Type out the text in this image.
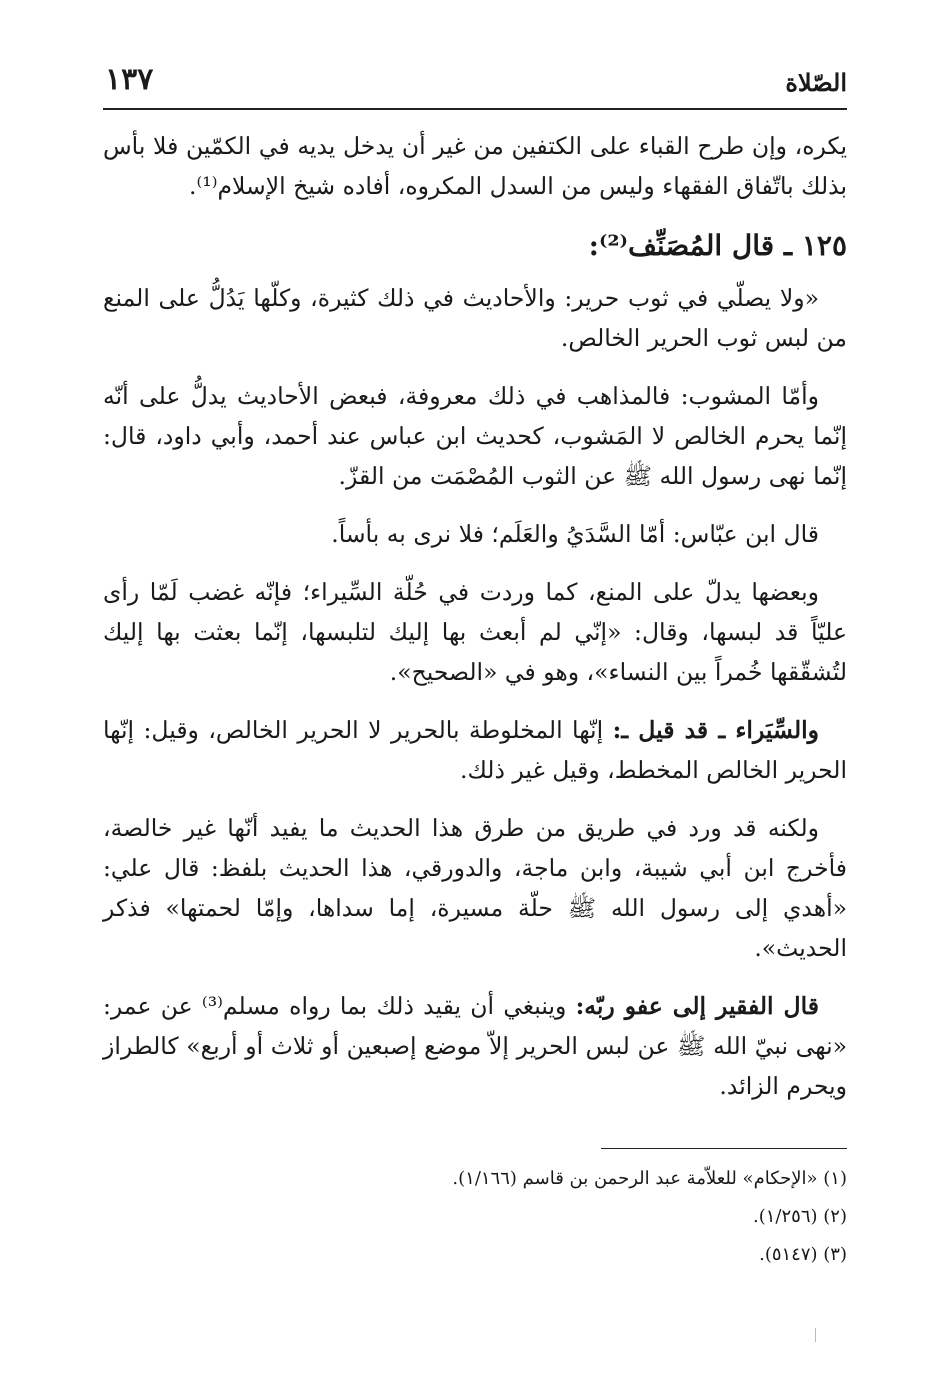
الصّلاة
١٣٧

يكره، وإن طرح القباء على الكتفين من غير أن يدخل يديه في الكمّين فلا بأس بذلك باتّفاق الفقهاء وليس من السدل المكروه، أفاده شيخ الإسلام⁽¹⁾.

١٢٥ ـ قال المُصَنِّف⁽²⁾:

«ولا يصلّي في ثوب حرير: والأحاديث في ذلك كثيرة، وكلّها يَدُلُّ على المنع من لبس ثوب الحرير الخالص.

وأمّا المشوب: فالمذاهب في ذلك معروفة، فبعض الأحاديث يدلُّ على أنّه إنّما يحرم الخالص لا المَشوب، كحديث ابن عباس عند أحمد، وأبي داود، قال: إنّما نهى رسول الله ﷺ عن الثوب المُصْمَت من القزّ.

قال ابن عبّاس: أمّا السَّدَيُ والعَلَم؛ فلا نرى به بأساً.

وبعضها يدلّ على المنع، كما وردت في حُلّة السِّيراء؛ فإنّه غضب لَمّا رأى عليّاً قد لبسها، وقال: «إنّي لم أبعث بها إليك لتلبسها، إنّما بعثت بها إليك لتُشقّقها خُمراً بين النساء»، وهو في «الصحيح».

والسِّيَراء ـ قد قيل ـ: إنّها المخلوطة بالحرير لا الحرير الخالص، وقيل: إنّها الحرير الخالص المخطط، وقيل غير ذلك.

ولكنه قد ورد في طريق من طرق هذا الحديث ما يفيد أنّها غير خالصة، فأخرج ابن أبي شيبة، وابن ماجة، والدورقي، هذا الحديث بلفظ: قال علي: «أهدي إلى رسول الله ﷺ حلّة مسيرة، إما سداها، وإمّا لحمتها» فذكر الحديث».

قال الفقير إلى عفو ربّه: وينبغي أن يقيد ذلك بما رواه مسلم⁽³⁾ عن عمر: «نهى نبيّ الله ﷺ عن لبس الحرير إلاّ موضع إصبعين أو ثلاث أو أربع» كالطراز ويحرم الزائد.

(١) «الإحكام» للعلاّمة عبد الرحمن بن قاسم (١/١٦٦).

(٢) (١/٢٥٦).

(٣) (٥١٤٧).
